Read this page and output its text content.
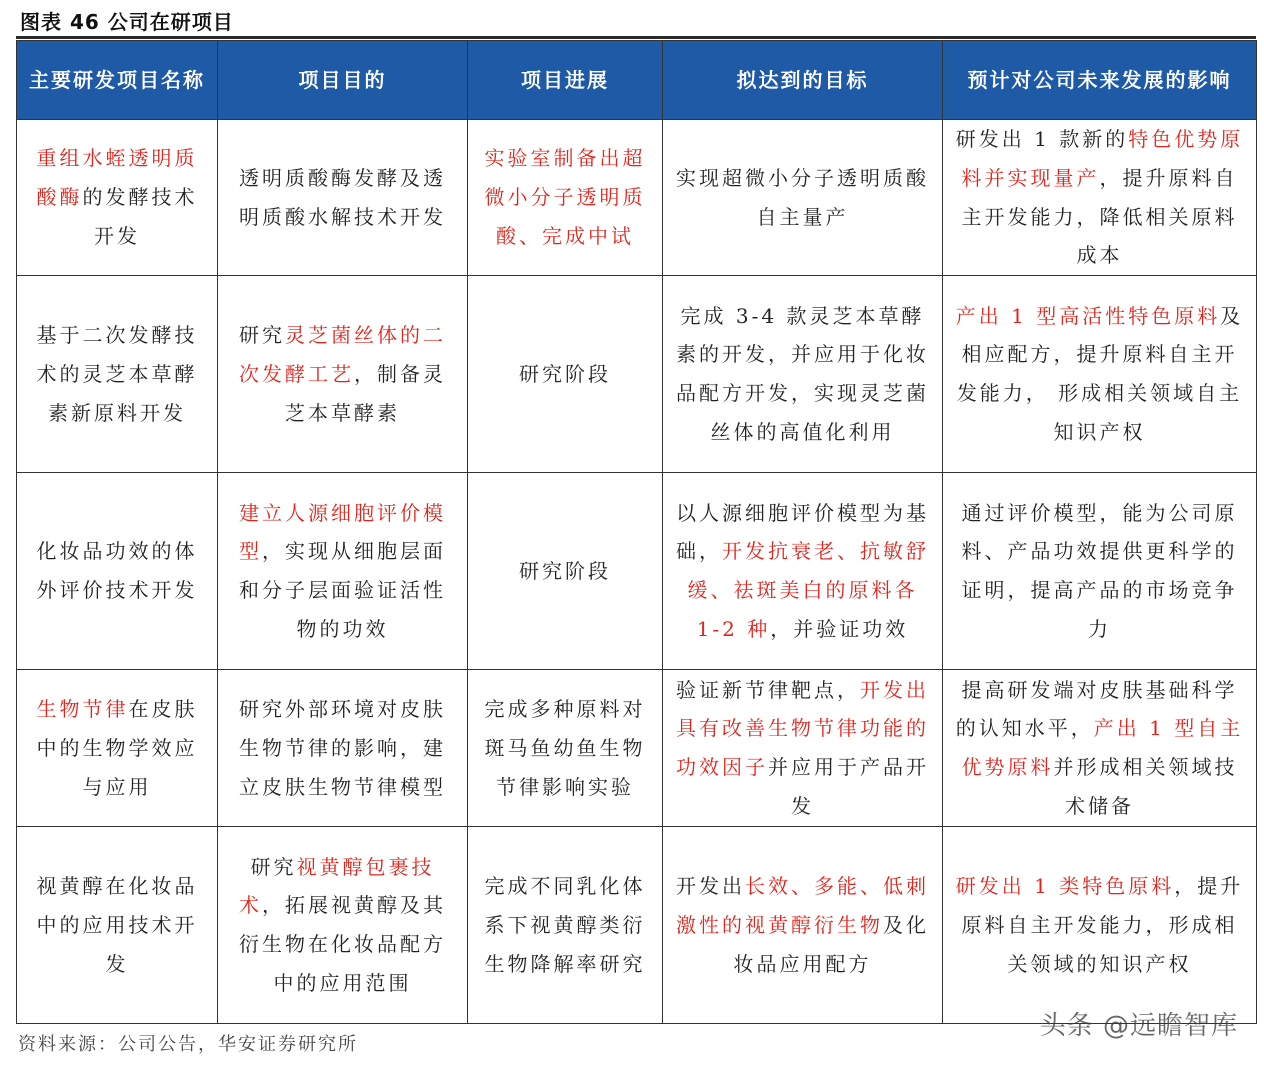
图表 46 公司在研项目
主要研发项目名称	项目目的	项目进展	拟达到的目标	预计对公司未来发展的影响
重组水蛭透明质酸酶的发酵技术开发	透明质酸酶发酵及透明质酸水解技术开发	实验室制备出超微小分子透明质酸、完成中试	实现超微小分子透明质酸自主量产	研发出 1 款新的特色优势原料并实现量产，提升原料自主开发能力，降低相关原料成本
基于二次发酵技术的灵芝本草酵素新原料开发	研究灵芝菌丝体的二次发酵工艺，制备灵芝本草酵素	研究阶段	完成 3-4 款灵芝本草酵素的开发，并应用于化妆品配方开发，实现灵芝菌丝体的高值化利用	产出 1 型高活性特色原料及相应配方，提升原料自主开发能力， 形成相关领域自主知识产权
化妆品功效的体外评价技术开发	建立人源细胞评价模型，实现从细胞层面和分子层面验证活性物的功效	研究阶段	以人源细胞评价模型为基础，开发抗衰老、抗敏舒缓、祛斑美白的原料各 1-2 种，并验证功效	通过评价模型，能为公司原料、产品功效提供更科学的证明，提高产品的市场竞争力
生物节律在皮肤中的生物学效应与应用	研究外部环境对皮肤生物节律的影响，建立皮肤生物节律模型	完成多种原料对斑马鱼幼鱼生物节律影响实验	验证新节律靶点，开发出具有改善生物节律功能的功效因子并应用于产品开发	提高研发端对皮肤基础科学的认知水平，产出 1 型自主优势原料并形成相关领域技术储备
视黄醇在化妆品中的应用技术开发	研究视黄醇包裹技术，拓展视黄醇及其衍生物在化妆品配方中的应用范围	完成不同乳化体系下视黄醇类衍生物降解率研究	开发出长效、多能、低刺激性的视黄醇衍生物及化妆品应用配方	研发出 1 类特色原料，提升原料自主开发能力，形成相关领域的知识产权
资料来源：公司公告，华安证券研究所
头条 @远瞻智库
